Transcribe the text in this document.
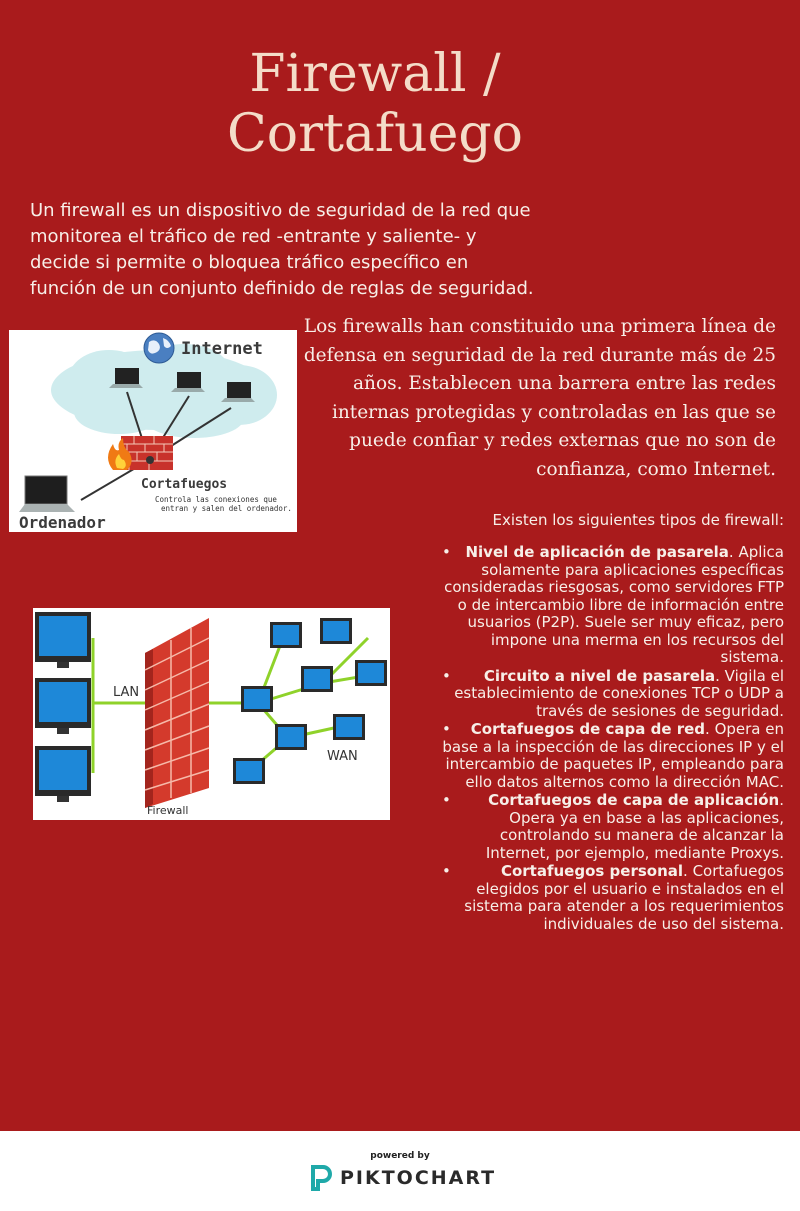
Firewall /
Cortafuego

Un firewall es un dispositivo de seguridad de la red que monitorea el tráfico de red -entrante y saliente- y decide si permite o bloquea tráfico específico en función de un conjunto definido de reglas de seguridad.

Los firewalls han constituido una primera línea de defensa en seguridad de la red durante más de 25 años. Establecen una barrera entre las redes internas protegidas y controladas en las que se puede confiar y redes externas que no son de confianza, como Internet.

Internet
Cortafuegos
Controla las conexiones que
entran y salen del ordenador.
Ordenador
LAN
Firewall
WAN

Existen los siguientes tipos de firewall:

• Nivel de aplicación de pasarela. Aplica solamente para aplicaciones específicas consideradas riesgosas, como servidores FTP o de intercambio libre de información entre usuarios (P2P). Suele ser muy eficaz, pero impone una merma en los recursos del sistema.
• Circuito a nivel de pasarela. Vigila el establecimiento de conexiones TCP o UDP a través de sesiones de seguridad.
• Cortafuegos de capa de red. Opera en base a la inspección de las direcciones IP y el intercambio de paquetes IP, empleando para ello datos alternos como la dirección MAC.
• Cortafuegos de capa de aplicación. Opera ya en base a las aplicaciones, controlando su manera de alcanzar la Internet, por ejemplo, mediante Proxys.
•	Cortafuegos personal. Cortafuegos elegidos por el usuario e instalados en el sistema para atender a los requerimientos individuales de uso del sistema.
powered by
PIKTOCHART
